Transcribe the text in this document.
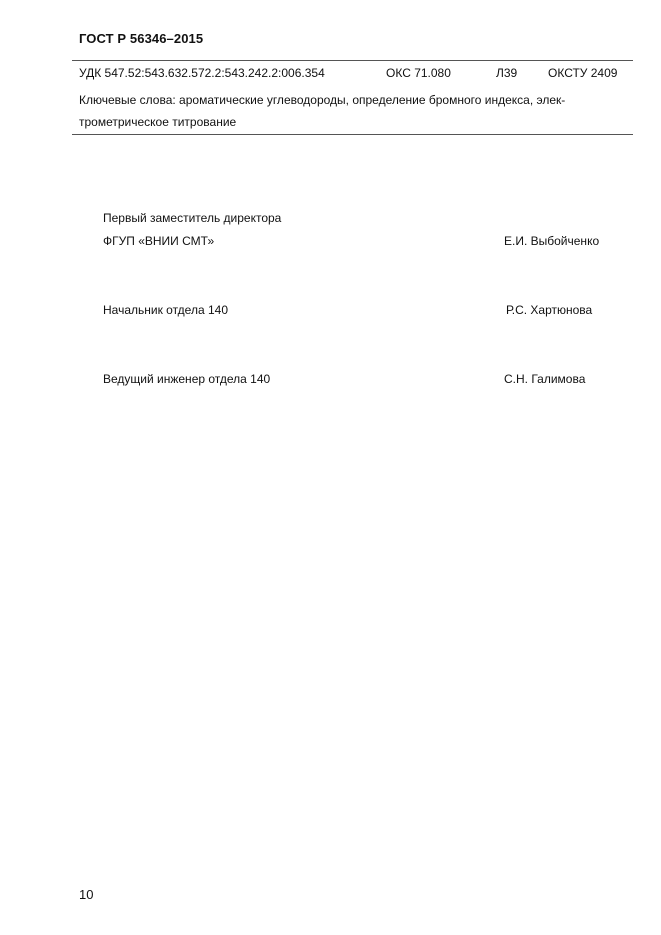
ГОСТ Р 56346–2015
УДК 547.52:543.632.572.2:543.242.2:006.354	ОКС 71.080	Л39	ОКСТУ 2409
Ключевые слова: ароматические углеводороды, определение бромного индекса, элек-
трометрическое титрование
Первый заместитель директора
ФГУП «ВНИИ СМТ»	Е.И. Выбойченко
Начальник отдела 140	Р.С. Хартюнова
Ведущий инженер отдела 140	С.Н. Галимова
10
